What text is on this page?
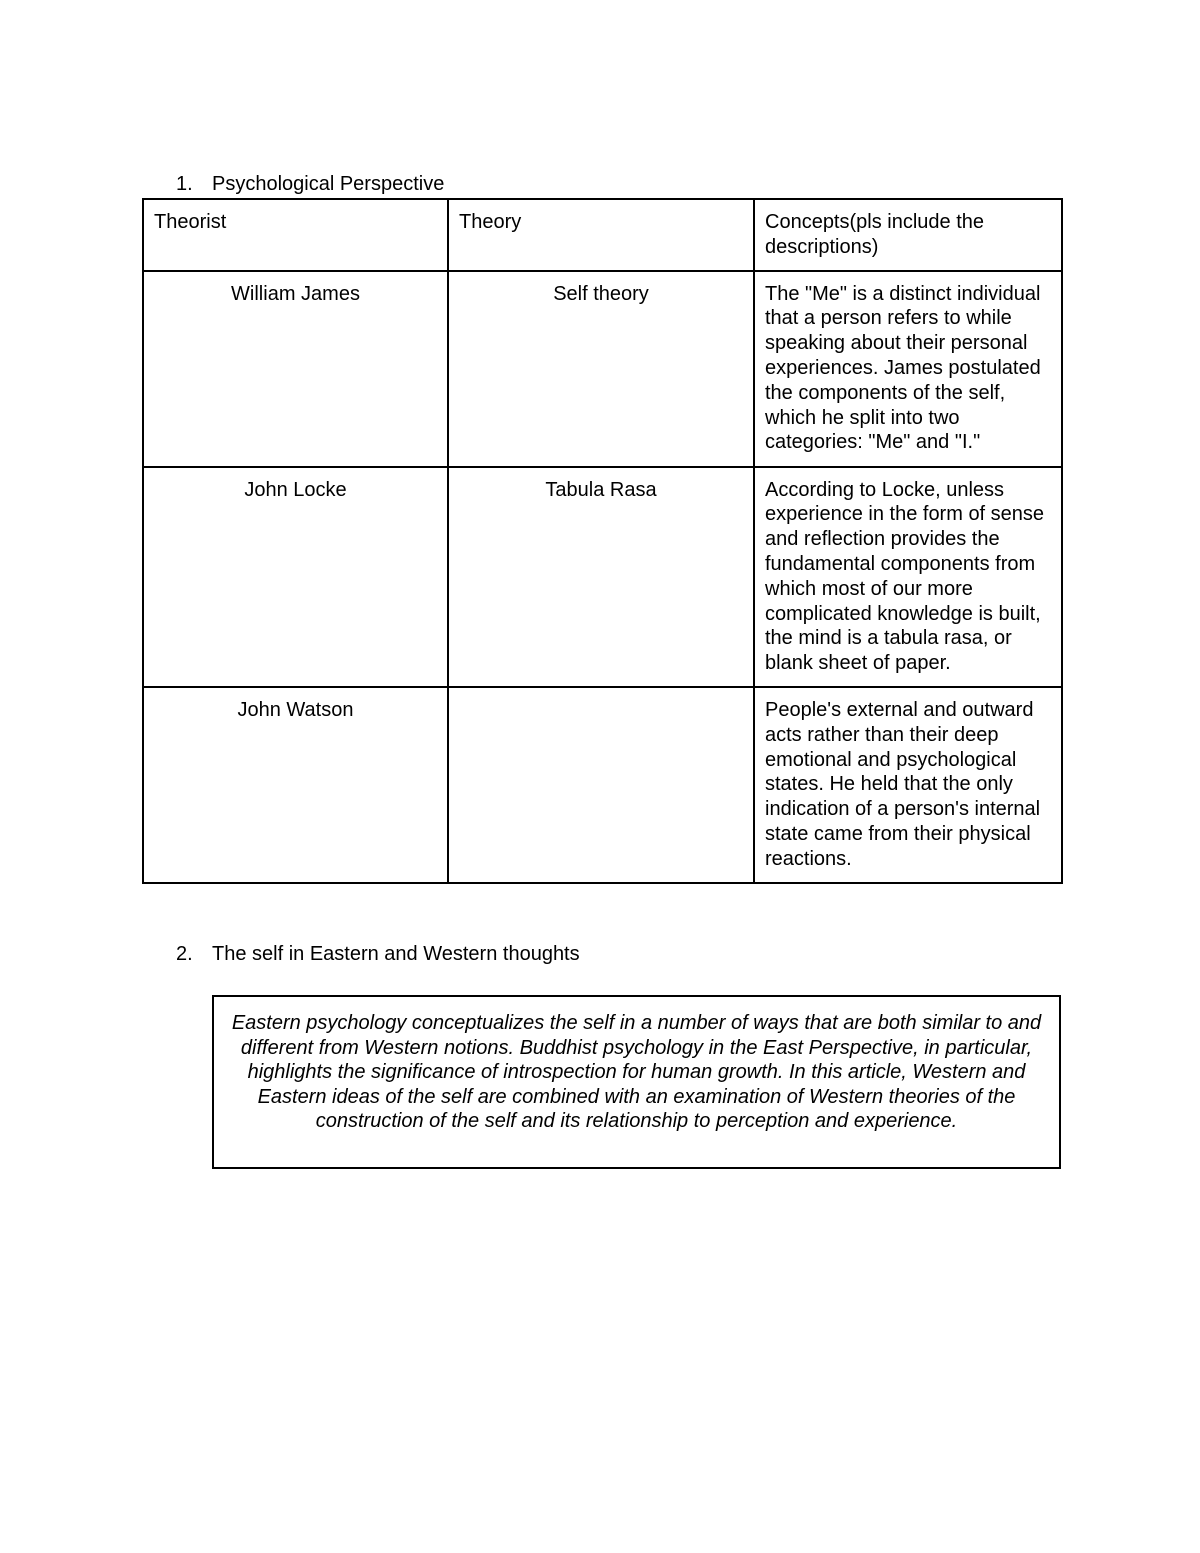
1. Psychological Perspective
Theorist	Theory	Concepts(pls include the descriptions)
William James	Self theory	The "Me" is a distinct individual that a person refers to while speaking about their personal experiences. James postulated the components of the self, which he split into two categories: "Me" and "I."
John Locke	Tabula Rasa	According to Locke, unless experience in the form of sense and reflection provides the fundamental components from which most of our more complicated knowledge is built, the mind is a tabula rasa, or blank sheet of paper.
John Watson		People's external and outward acts rather than their deep emotional and psychological states. He held that the only indication of a person's internal state came from their physical reactions.
2. The self in Eastern and Western thoughts
Eastern psychology conceptualizes the self in a number of ways that are both similar to and different from Western notions. Buddhist psychology in the East Perspective, in particular, highlights the significance of introspection for human growth. In this article, Western and Eastern ideas of the self are combined with an examination of Western theories of the construction of the self and its relationship to perception and experience.
